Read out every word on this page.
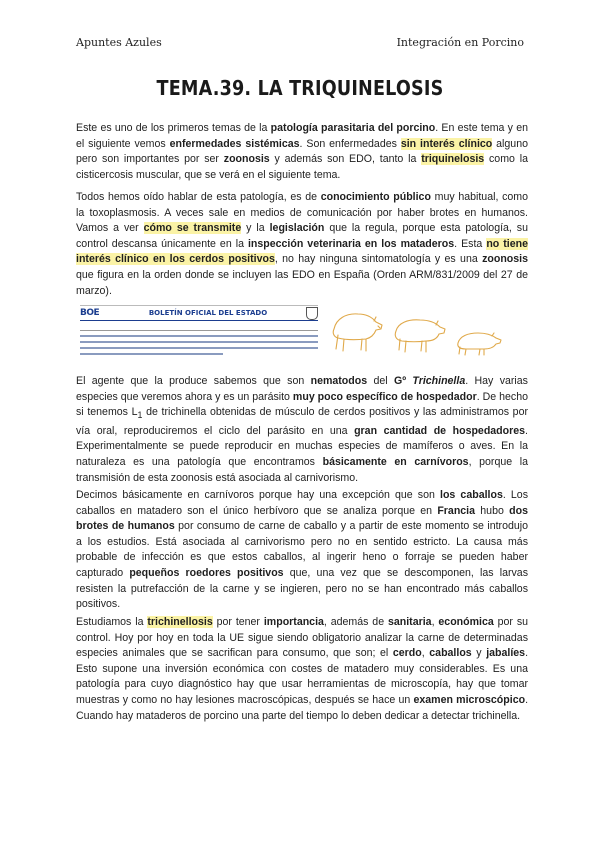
Apuntes Azules	Integración en Porcino
TEMA.39. LA TRIQUINELOSIS

Este es uno de los primeros temas de la patología parasitaria del porcino. En este tema y en el siguiente vemos enfermedades sistémicas. Son enfermedades sin interés clínico alguno pero son importantes por ser zoonosis y además son EDO, tanto la triquinelosis como la cisticercosis muscular, que se verá en el siguiente tema.

Todos hemos oído hablar de esta patología, es de conocimiento público muy habitual, como la toxoplasmosis. A veces sale en medios de comunicación por haber brotes en humanos. Vamos a ver cómo se transmite y la legislación que la regula, porque esta patología, su control descansa únicamente en la inspección veterinaria en los mataderos. Esta no tiene interés clínico en los cerdos positivos, no hay ninguna sintomatología y es una zoonosis que figura en la orden donde se incluyen las EDO en España (Orden ARM/831/2009 del 27 de marzo).

BOE	BOLETÍN OFICIAL DEL ESTADO

El agente que la produce sabemos que son nematodos del Gº Trichinella. Hay varias especies que veremos ahora y es un parásito muy poco específico de hospedador. De hecho si tenemos $L_1$ de trichinella obtenidas de músculo de cerdos positivos y las administramos por vía oral, reproduciremos el ciclo del parásito en una gran cantidad de hospedadores. Experimentalmente se puede reproducir en muchas especies de mamíferos o aves. En la naturaleza es una patología que encontramos básicamente en carnívoros, porque la transmisión de esta zoonosis está asociada al carnivorismo.

Decimos básicamente en carnívoros porque hay una excepción que son los caballos. Los caballos en matadero son el único herbívoro que se analiza porque en Francia hubo dos brotes de humanos por consumo de carne de caballo y a partir de este momento se introdujo a los estudios. Está asociada al carnivorismo pero no en sentido estricto. La causa más probable de infección es que estos caballos, al ingerir heno o forraje se pueden haber capturado pequeños roedores positivos que, una vez que se descomponen, las larvas resisten la putrefacción de la carne y se ingieren, pero no se han encontrado más caballos positivos.

Estudiamos la trichinellosis por tener importancia, además de sanitaria, económica por su control. Hoy por hoy en toda la UE sigue siendo obligatorio analizar la carne de determinadas especies animales que se sacrifican para consumo, que son; el cerdo, caballos y jabalíes. Esto supone una inversión económica con costes de matadero muy considerables. Es una patología para cuyo diagnóstico hay que usar herramientas de microscopía, hay que tomar muestras y como no hay lesiones macroscópicas, después se hace un examen microscópico. Cuando hay mataderos de porcino una parte del tiempo lo deben dedicar a detectar trichinella.
